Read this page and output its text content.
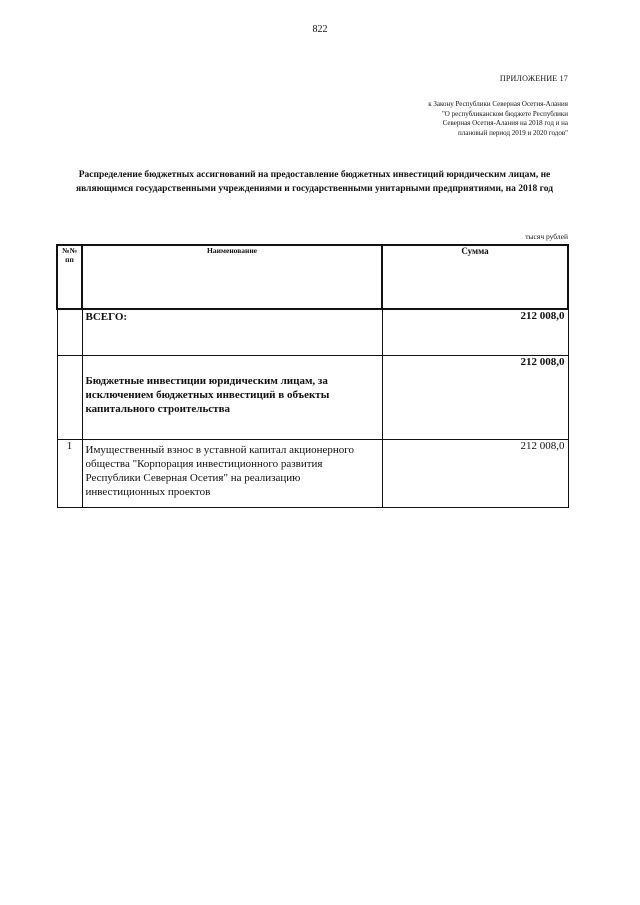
822
ПРИЛОЖЕНИЕ 17
к Закону Республики Северная Осетия-Алания
"О республиканском бюджете Республики
Северная Осетия-Алания на 2018 год и на
плановый период 2019 и 2020 годов"
Распределение бюджетных ассигнований на предоставление бюджетных инвестиций юридическим лицам, не являющимся государственными учреждениями и государственными унитарными предприятиями, на 2018 год
тысяч рублей
№№ пп	Наименование	Сумма
	ВСЕГО:	212 008,0
	Бюджетные инвестиции юридическим лицам, за исключением бюджетных инвестиций в объекты капитального строительства	212 008,0
1	Имущественный взнос в уставной капитал акционерного общества "Корпорация инвестиционного развития Республики Северная Осетия" на реализацию инвестиционных проектов	212 008,0
